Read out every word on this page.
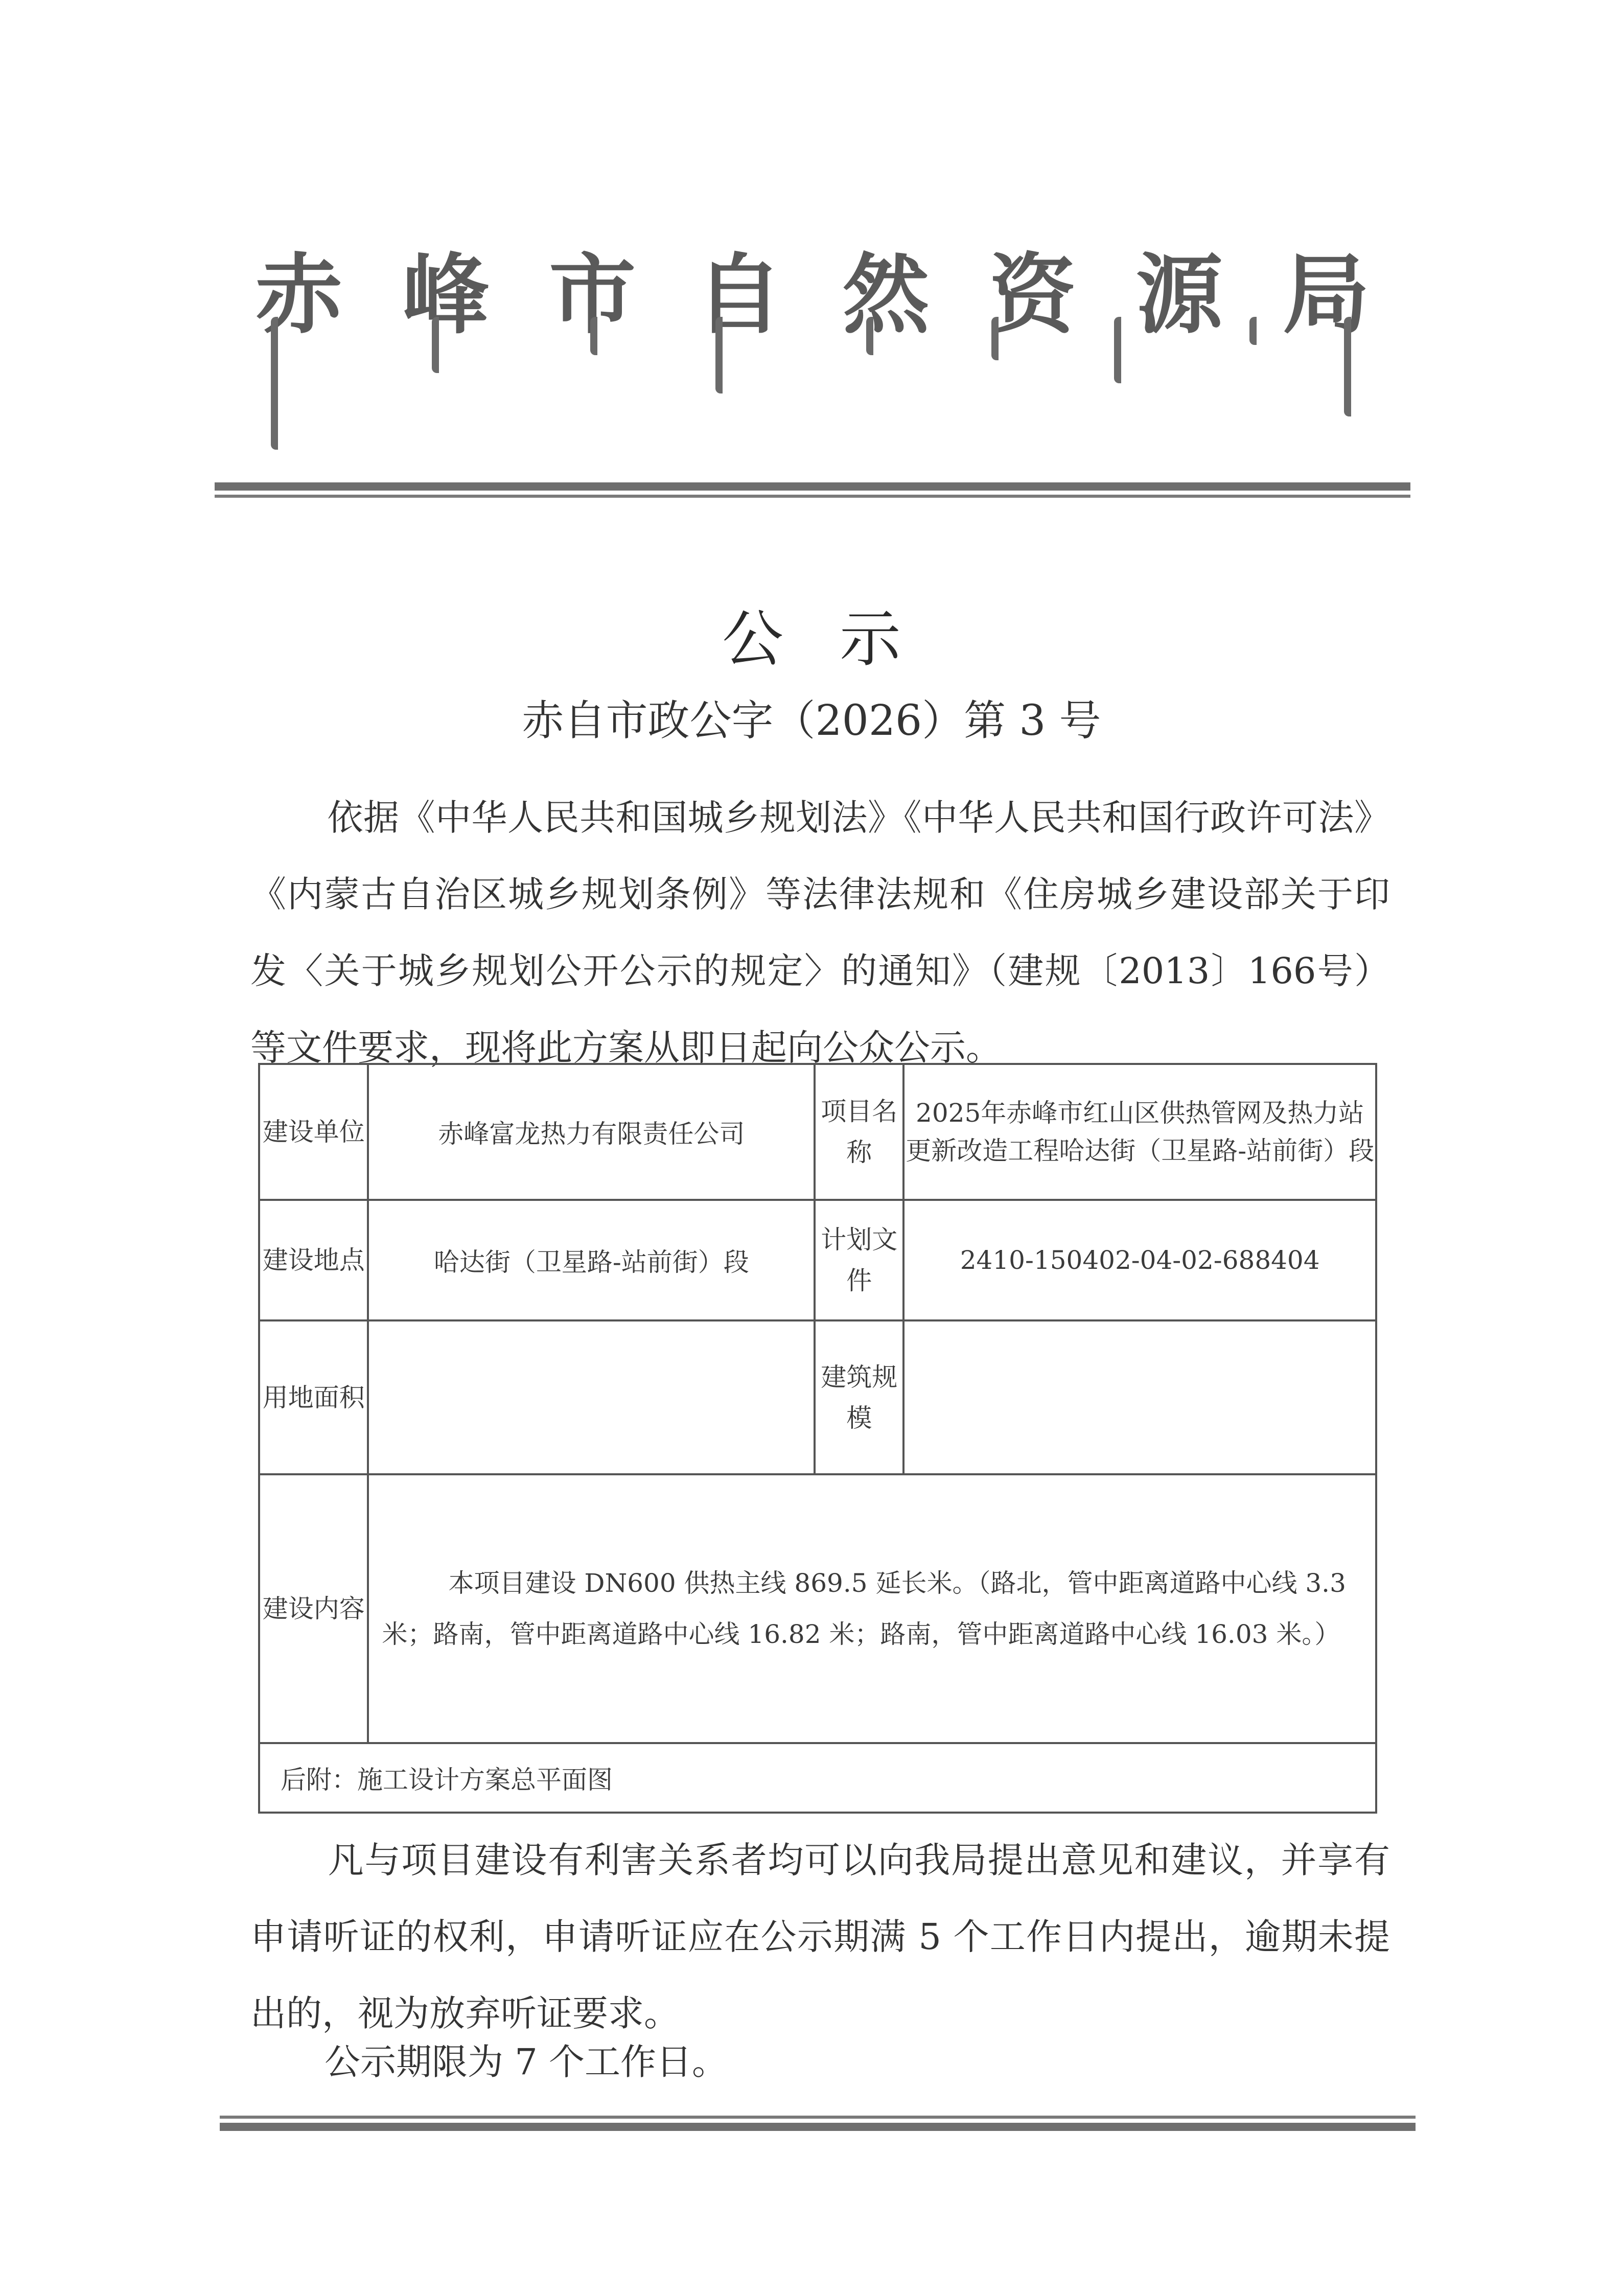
赤 峰 市 自 然 资 源 局
公 示
赤自市政公字（2026）第 3 号
依据《中华人民共和国城乡规划法》《中华人民共和国行政许可法》《内蒙古自治区城乡规划条例》等法律法规和《住房城乡建设部关于印发〈关于城乡规划公开公示的规定〉的通知》（建规〔2013〕166号）等文件要求，现将此方案从即日起向公众公示。
建设单位	赤峰富龙热力有限责任公司	项目名称	2025年赤峰市红山区供热管网及热力站更新改造工程哈达街（卫星路-站前街）段
建设地点	哈达街（卫星路-站前街）段	计划文件	2410-150402-04-02-688404
用地面积		建筑规模	
建设内容	本项目建设 DN600 供热主线 869.5 延长米。（路北，管中距离道路中心线 3.3 米；路南，管中距离道路中心线 16.82 米；路南，管中距离道路中心线 16.03 米。）		
后附：施工设计方案总平面图			
凡与项目建设有利害关系者均可以向我局提出意见和建议，并享有申请听证的权利，申请听证应在公示期满 5 个工作日内提出，逾期未提出的，视为放弃听证要求。
公示期限为 7 个工作日。
